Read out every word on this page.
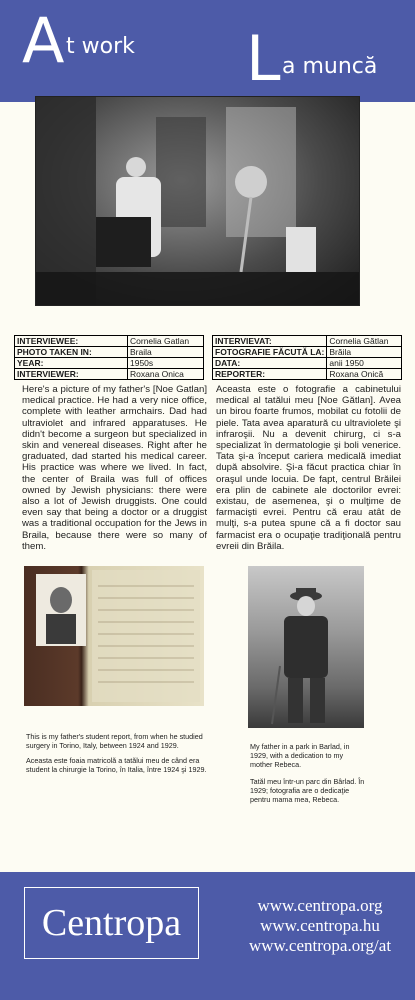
A t work L a muncă
INTERVIEWEE:	Cornelia Gatlan
PHOTO TAKEN IN:	Braila
YEAR:	1950s
INTERVIEWER:	Roxana Onica
INTERVIEVAT:	Cornelia Gătlan
FOTOGRAFIE FĂCUTĂ LA:	Brăila
DATA:	anii 1950
REPORTER:	Roxana Onică

Here's a picture of my father's [Noe Gatlan] medical practice. He had a very nice office, complete with leather armchairs. Dad had ultraviolet and infrared apparatuses. He didn't become a surgeon but specialized in skin and venereal diseases. Right after he graduated, dad started his medical career. His practice was where we lived. In fact, the center of Braila was full of offices owned by Jewish physicians: there were also a lot of Jewish druggists. One could even say that being a doctor or a druggist was a traditional occupation for the Jews in Braila, because there were so many of them.

Aceasta este o fotografie a cabinetului medical al tatălui meu [Noe Gătlan]. Avea un birou foarte frumos, mobilat cu fotolii de piele. Tata avea aparatură cu ultraviolete şi infraroşii. Nu a devenit chirurg, ci s-a specializat în dermatologie şi boli venerice. Tata şi-a început cariera medicală imediat după absolvire. Şi-a făcut practica chiar în oraşul unde locuia. De fapt, centrul Brăilei era plin de cabinete ale doctorilor evrei: existau, de asemenea, şi o mulţime de farmacişti evrei. Pentru că erau atât de mulţi, s-a putea spune că a fi doctor sau farmacist era o ocupaţie tradiţională pentru evreii din Brăila.

This is my father's student report, from when he studied surgery in Torino, Italy, between 1924 and 1929.

Aceasta este foaia matricolă a tatălui meu de când era student la chirurgie la Torino, în Italia, între 1924 şi 1929.

My father in a park in Barlad, in 1929, with a dedication to my mother Rebeca.

Tatăl meu într-un parc din Bârlad. În 1929; fotografia are o dedicaţie pentru mama mea, Rebeca.

Centropa	www.centropa.org
www.centropa.hu
www.centropa.org/at
